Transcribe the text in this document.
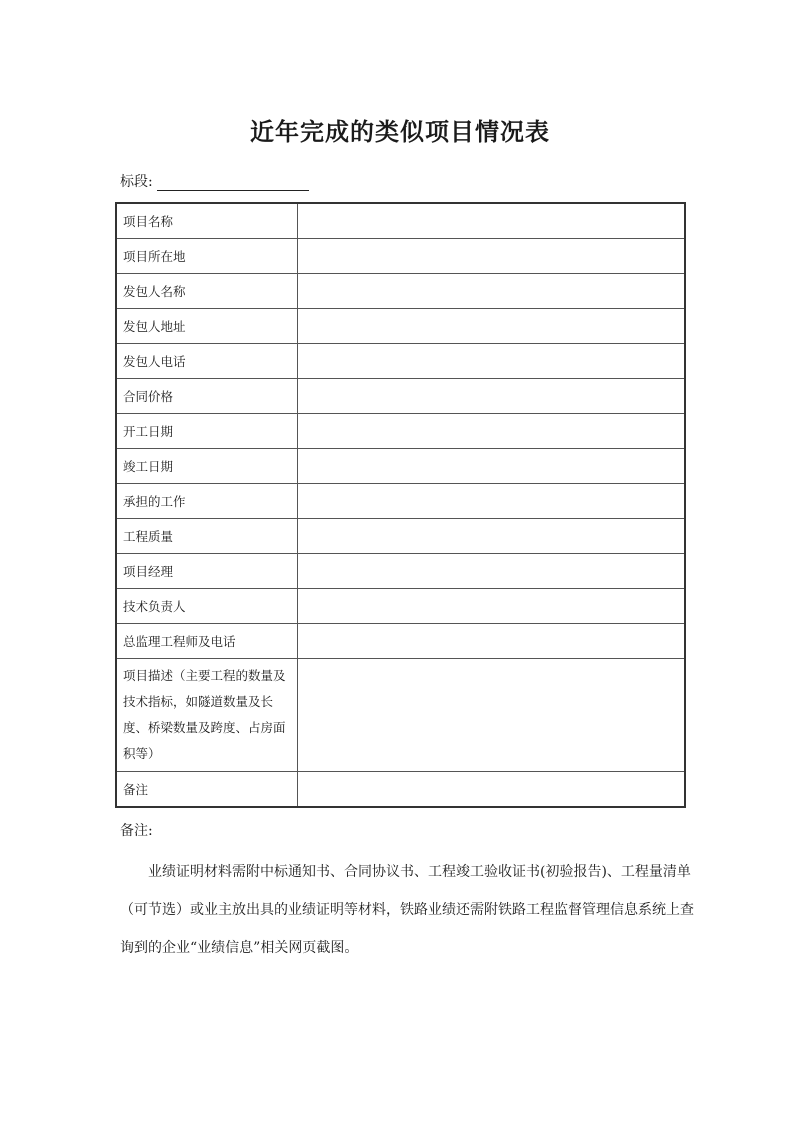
近年完成的类似项目情况表
标段:
项目名称	
项目所在地	
发包人名称	
发包人地址	
发包人电话	
合同价格	
开工日期	
竣工日期	
承担的工作	
工程质量	
项目经理	
技术负责人	
总监理工程师及电话	
项目描述（主要工程的数量及技术指标，如隧道数量及长度、桥梁数量及跨度、占房面积等）	
备注	
备注:
业绩证明材料需附中标通知书、合同协议书、工程竣工验收证书(初验报告)、工程量清单（可节选）或业主放出具的业绩证明等材料，铁路业绩还需附铁路工程监督管理信息系统上查询到的企业“业绩信息”相关网页截图。
